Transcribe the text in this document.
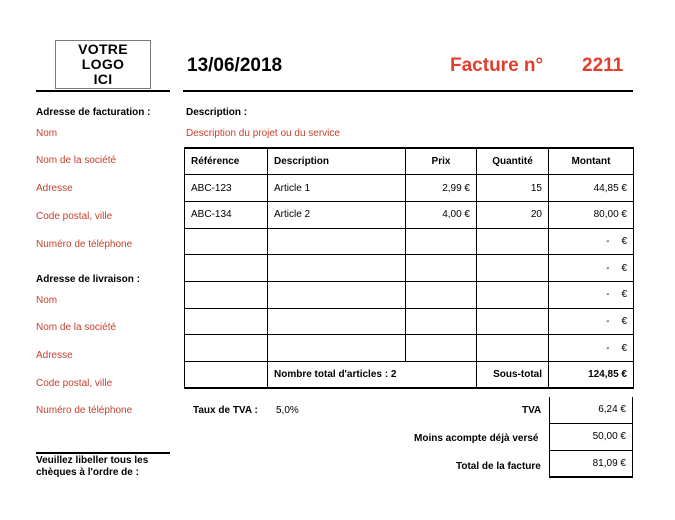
VOTRE LOGO
ICI
13/06/2018	Facture n° 2211
Adresse de facturation :
Nom
Nom de la société
Adresse
Code postal, ville
Numéro de téléphone
Adresse de livraison :
Nom
Nom de la société
Adresse
Code postal, ville
Numéro de téléphone
Description :
Description du projet ou du service
Référence	Description	Prix	Quantité	Montant
ABC-123	Article 1	2,99 €	15	44,85 €
ABC-134	Article 2	4,00 €	20	80,00 €

				- €

				- €

				- €

				- €

				- €

	Nombre total d'articles : 2		Sous-total	124,85 €
Taux de TVA : 5,0%	TVA	6,24 €
Moins acompte déjà versé	50,00 €
Total de la facture	81,09 €
Veuillez libeller tous les chèques à l'ordre de :
